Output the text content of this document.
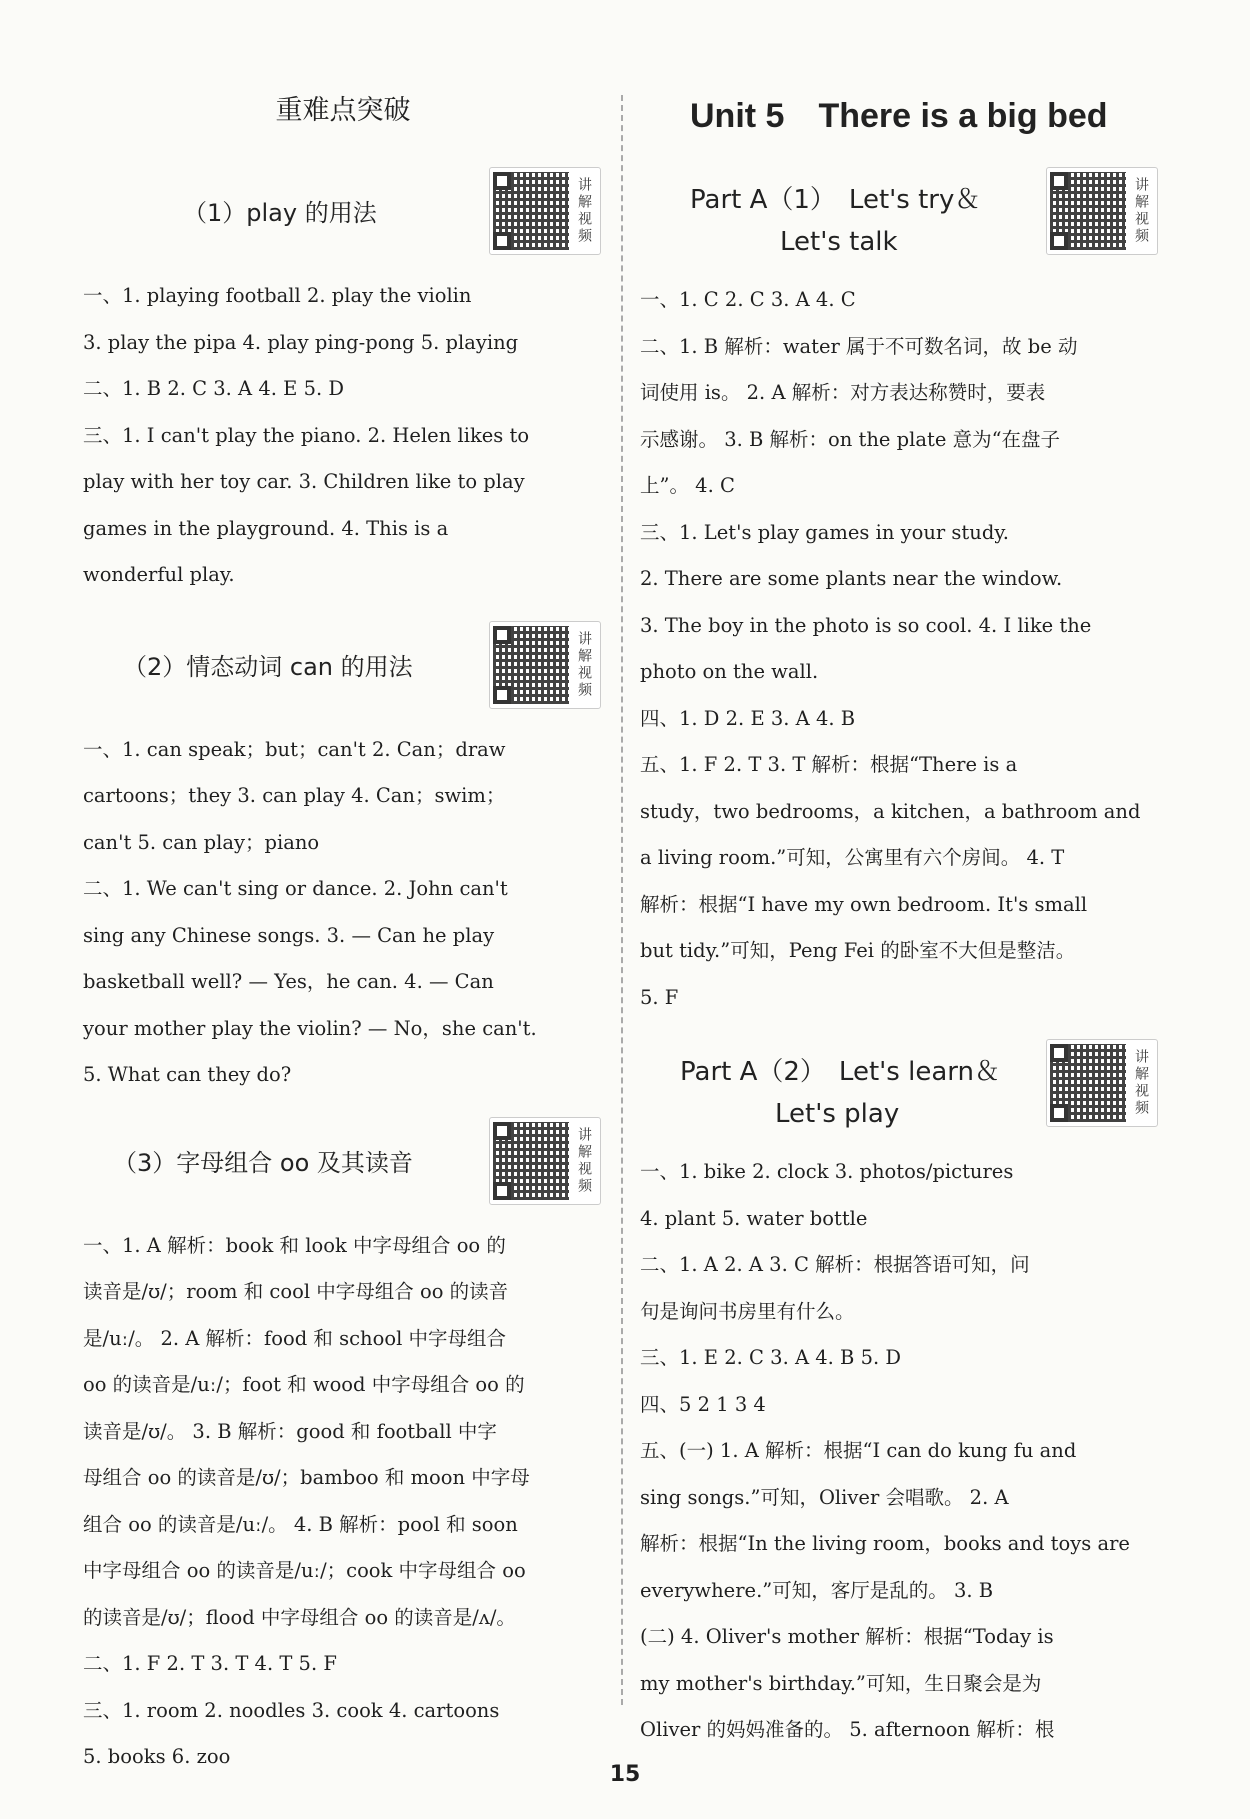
重难点突破
（1）play 的用法	讲解视频

一、1. playing football 2. play the violin

3. play the pipa 4. play ping-pong 5. playing

二、1. B 2. C 3. A 4. E 5. D

三、1. I can't play the piano. 2. Helen likes to

play with her toy car. 3. Children like to play

games in the playground. 4. This is a

wonderful play.

（2）情态动词 can 的用法	讲解视频

一、1. can speak；but；can't 2. Can；draw

cartoons；they 3. can play 4. Can；swim；

can't 5. can play；piano

二、1. We can't sing or dance. 2. John can't

sing any Chinese songs. 3. — Can he play

basketball well? — Yes，he can. 4. — Can

your mother play the violin? — No，she can't.

5. What can they do?

（3）字母组合 oo 及其读音	讲解视频

一、1. A 解析：book 和 look 中字母组合 oo 的

读音是/ʊ/；room 和 cool 中字母组合 oo 的读音

是/uː/。 2. A 解析：food 和 school 中字母组合

oo 的读音是/uː/；foot 和 wood 中字母组合 oo 的

读音是/ʊ/。 3. B 解析：good 和 football 中字

母组合 oo 的读音是/ʊ/；bamboo 和 moon 中字母

组合 oo 的读音是/uː/。 4. B 解析：pool 和 soon

中字母组合 oo 的读音是/uː/；cook 中字母组合 oo

的读音是/ʊ/；flood 中字母组合 oo 的读音是/ʌ/。

二、1. F 2. T 3. T 4. T 5. F

三、1. room 2. noodles 3. cook 4. cartoons

5. books 6. zoo

Unit 5　There is a big bed
Part A（1）　Let's try＆
Let's talk	讲解视频

一、1. C 2. C 3. A 4. C

二、1. B 解析：water 属于不可数名词，故 be 动

词使用 is。 2. A 解析：对方表达称赞时，要表

示感谢。 3. B 解析：on the plate 意为“在盘子

上”。 4. C

三、1. Let's play games in your study.

2. There are some plants near the window.

3. The boy in the photo is so cool. 4. I like the

photo on the wall.

四、1. D 2. E 3. A 4. B

五、1. F 2. T 3. T 解析：根据“There is a

study，two bedrooms，a kitchen，a bathroom and

a living room.”可知，公寓里有六个房间。 4. T

解析：根据“I have my own bedroom. It's small

but tidy.”可知，Peng Fei 的卧室不大但是整洁。

5. F

Part A（2）　Let's learn＆
Let's play	讲解视频

一、1. bike 2. clock 3. photos/pictures

4. plant 5. water bottle

二、1. A 2. A 3. C 解析：根据答语可知，问

句是询问书房里有什么。

三、1. E 2. C 3. A 4. B 5. D

四、5 2 1 3 4

五、(一) 1. A 解析：根据“I can do kung fu and

sing songs.”可知，Oliver 会唱歌。 2. A

解析：根据“In the living room，books and toys are

everywhere.”可知，客厅是乱的。 3. B

(二) 4. Oliver's mother 解析：根据“Today is

my mother's birthday.”可知，生日聚会是为

Oliver 的妈妈准备的。 5. afternoon 解析：根

15
